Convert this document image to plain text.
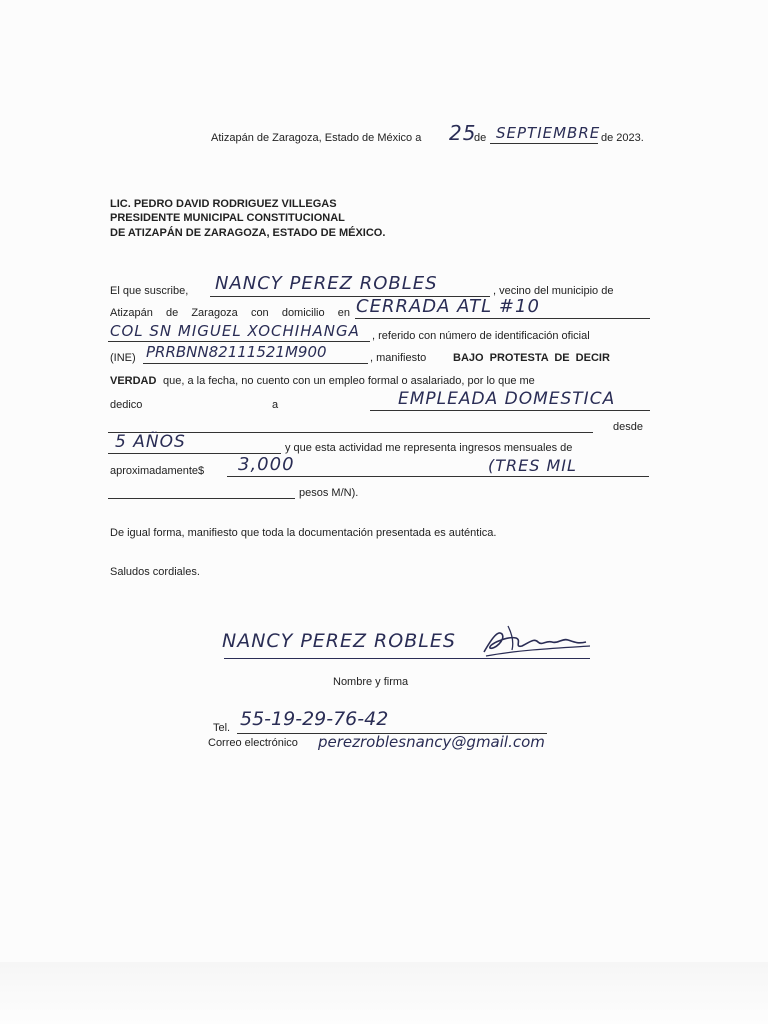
Atizapán de Zaragoza, Estado de México a 25
de SEPTIEMBRE de 2023.
LIC. PEDRO DAVID RODRIGUEZ VILLEGAS
PRESIDENTE MUNICIPAL CONSTITUCIONAL
DE ATIZAPÁN DE ZARAGOZA, ESTADO DE MÉXICO.
El que suscribe, NANCY PEREZ ROBLES	, vecino del municipio de
Atizapán de Zaragoza con domicilio en CERRADA ATL #10
COL SN MIGUEL XOCHIHANGA , referido con número de identificación oficial
(INE) PRRBNN82111521M900	, manifiesto BAJO PROTESTA DE DECIR
VERDAD que, a la fecha, no cuento con un empleo formal o asalariado, por lo que me
dedico	a	EMPLEADA DOMESTICA
desde
5 AÑOS	y que esta actividad me representa ingresos mensuales de
aproximadamente$ 3,000	(TRES MIL
pesos M/N).
De igual forma, manifiesto que toda la documentación presentada es auténtica.
Saludos cordiales.
NANCY PEREZ ROBLES
Nombre y firma
Tel. 55-19-29-76-42
Correo electrónico perezroblesnancy@gmail.com
